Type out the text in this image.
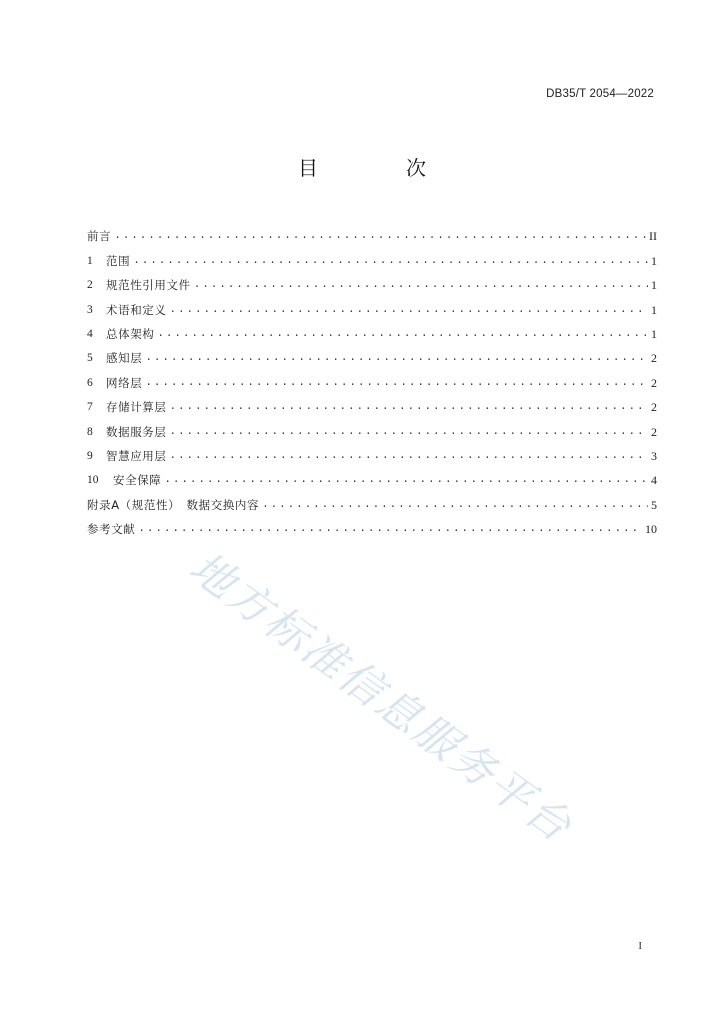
DB35/T 2054—2022
目　次
前言 .....	II
1	范围 .....	1
2	规范性引用文件 .....	1
3	术语和定义 .....	1
4	总体架构 .....	1
5	感知层 .....	2
6	网络层 .....	2
7	存储计算层 .....	2
8	数据服务层 .....	2
9	智慧应用层 .....	3
10	安全保障 .....	4
附录A（规范性）　数据交换内容 .....	5
参考文献 .....	10
地方标准信息服务平台
I
